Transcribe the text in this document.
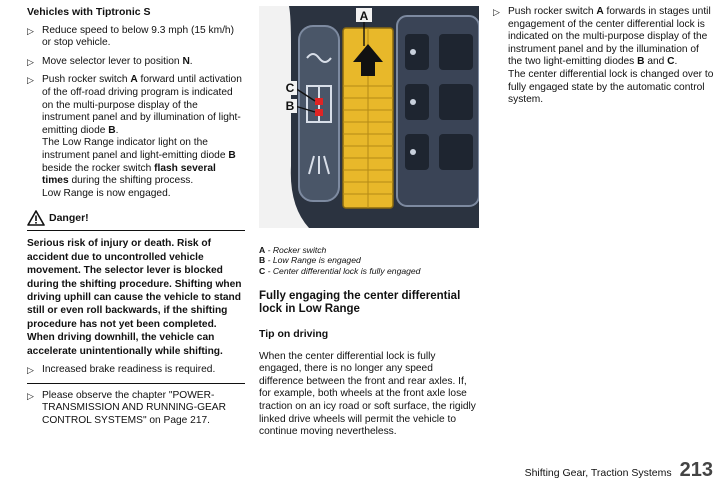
Vehicles with Tiptronic S
▷ Reduce speed to below 9.3 mph (15 km/h) or stop vehicle.
▷ Move selector lever to position N.
▷ Push rocker switch A forward until activation of the off-road driving program is indicated on the multi-purpose display of the instrument panel and by illumination of light-emitting diode B.
The Low Range indicator light on the instrument panel and light-emitting diode B beside the rocker switch flash several times during the shifting process.
Low Range is now engaged.
Danger!
Serious risk of injury or death. Risk of accident due to uncontrolled vehicle movement. The selector lever is blocked during the shifting procedure. Shifting when driving uphill can cause the vehicle to stand still or even roll backwards, if the shifting procedure has not yet been completed. When driving downhill, the vehicle can accelerate unintentionally while shifting.
▷ Increased brake readiness is required.
▷ Please observe the chapter "POWER-TRANSMISSION AND RUNNING-GEAR CONTROL SYSTEMS" on Page 217.
A
C
B

A - Rocker switch

B - Low Range is engaged

C - Center differential lock is fully engaged

Fully engaging the center differential lock in Low Range
Tip on driving

When the center differential lock is fully engaged, there is no longer any speed difference between the front and rear axles. If, for example, both wheels at the front axle lose traction on an icy road or soft surface, the rigidly linked drive wheels will permit the vehicle to continue moving nevertheless.

▷ Push rocker switch A forwards in stages until engagement of the center differential lock is indicated on the multi-purpose display of the instrument panel and by the illumination of the two light-emitting diodes B and C.
The center differential lock is changed over to fully engaged state by the automatic control system.
Shifting Gear, Traction Systems 213
